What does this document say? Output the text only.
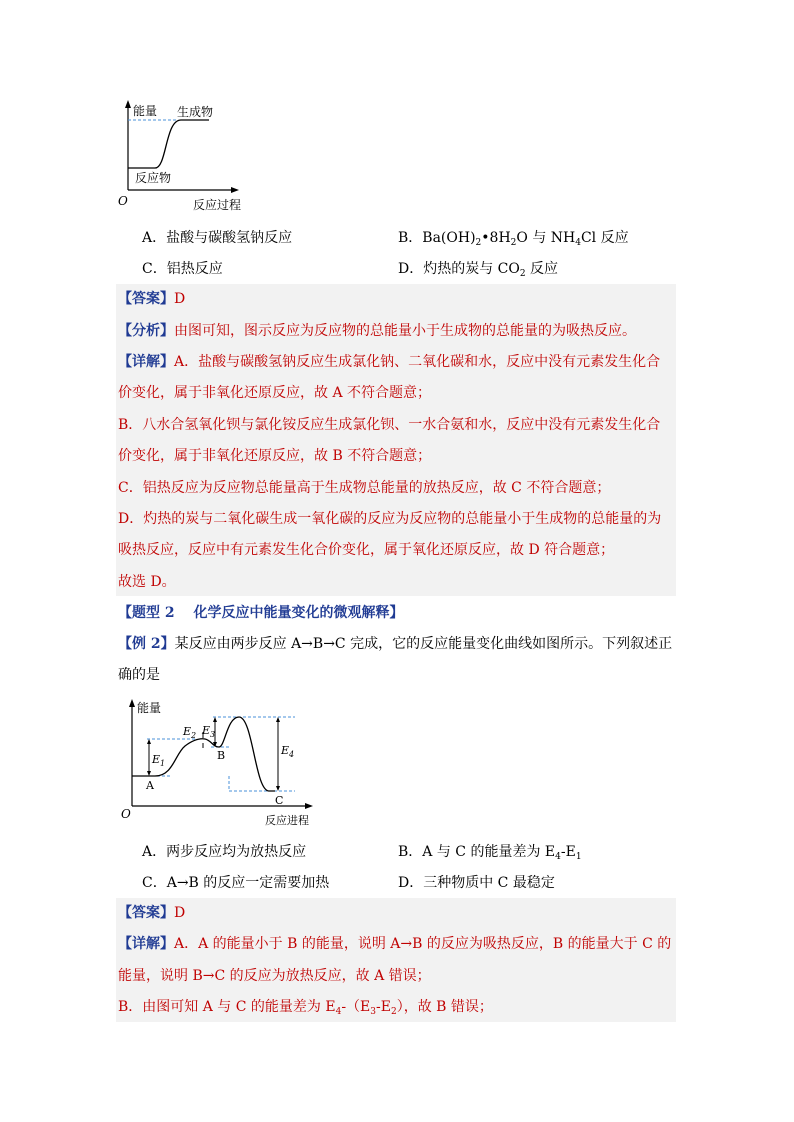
能量 生成物
反应物
O	反应过程
A．盐酸与碳酸氢钠反应	B．$Ba(OH)_2•8H_2O$ 与 $NH_4Cl$ 反应
C．铝热反应	D．灼热的炭与 $CO_2$ 反应
【答案】D
【分析】由图可知，图示反应为反应物的总能量小于生成物的总能量的为吸热反应。
【详解】A．盐酸与碳酸氢钠反应生成氯化钠、二氧化碳和水，反应中没有元素发生化合
价变化，属于非氧化还原反应，故 A 不符合题意；
B．八水合氢氧化钡与氯化铵反应生成氯化钡、一水合氨和水，反应中没有元素发生化合
价变化，属于非氧化还原反应，故 B 不符合题意；
C．铝热反应为反应物总能量高于生成物总能量的放热反应，故 C 不符合题意；
D．灼热的炭与二氧化碳生成一氧化碳的反应为反应物的总能量小于生成物的总能量的为
吸热反应，反应中有元素发生化合价变化，属于氧化还原反应，故 D 符合题意；
故选 D。
【题型 2　 化学反应中能量变化的微观解释】
【例 2】某反应由两步反应 A→B→C 完成，它的反应能量变化曲线如图所示。下列叙述正
确的是
能量
A
B
C
$E_1$
$E_2$ $E_3$
$E_4$
O	反应进程
A．两步反应均为放热反应	B．A 与 C 的能量差为 $E_4-E_1$
C．A→B 的反应一定需要加热	D．三种物质中 C 最稳定
【答案】D
【详解】A．A 的能量小于 B 的能量，说明 A→B 的反应为吸热反应，B 的能量大于 C 的
能量，说明 B→C 的反应为放热反应，故 A 错误；
B．由图可知 A 与 C 的能量差为 $E_4-(E_3-E_2)$，故 B 错误；
